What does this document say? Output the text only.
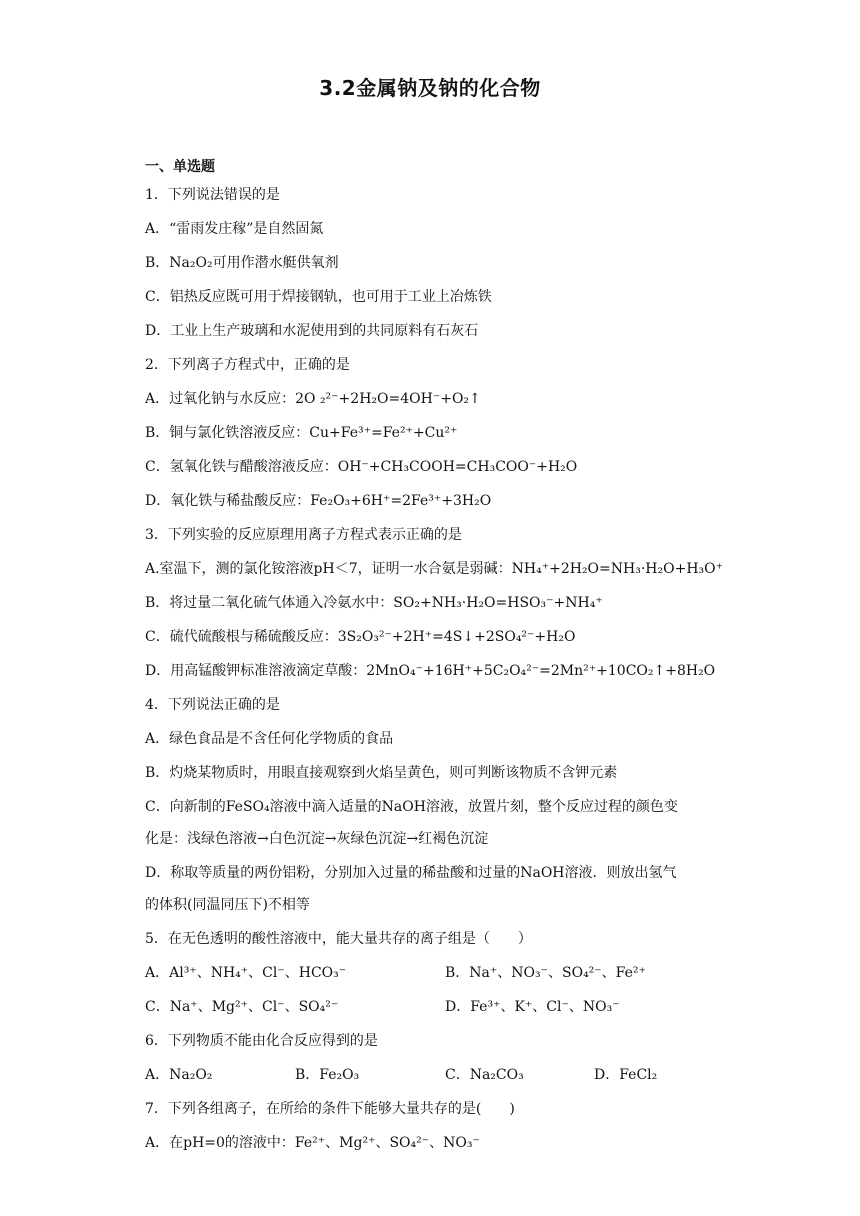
3.2金属钠及钠的化合物
一、单选题
1．下列说法错误的是
A．“雷雨发庄稼”是自然固氮
B．Na₂O₂可用作潜水艇供氧剂
C．铝热反应既可用于焊接钢轨，也可用于工业上冶炼铁
D．工业上生产玻璃和水泥使用到的共同原料有石灰石
2．下列离子方程式中，正确的是
A．过氧化钠与水反应：2O ₂²⁻+2H₂O=4OH⁻+O₂↑
B．铜与氯化铁溶液反应：Cu+Fe³⁺=Fe²⁺+Cu²⁺
C．氢氧化铁与醋酸溶液反应：OH⁻+CH₃COOH=CH₃COO⁻+H₂O
D．氧化铁与稀盐酸反应：Fe₂O₃+6H⁺=2Fe³⁺+3H₂O
3．下列实验的反应原理用离子方程式表示正确的是
A.室温下，测的氯化铵溶液pH＜7，证明一水合氨是弱碱：NH₄⁺+2H₂O=NH₃·H₂O+H₃O⁺
B．将过量二氧化硫气体通入冷氨水中：SO₂+NH₃·H₂O=HSO₃⁻+NH₄⁺
C．硫代硫酸根与稀硫酸反应：3S₂O₃²⁻+2H⁺=4S↓+2SO₄²⁻+H₂O
D．用高锰酸钾标准溶液滴定草酸：2MnO₄⁻+16H⁺+5C₂O₄²⁻=2Mn²⁺+10CO₂↑+8H₂O
4．下列说法正确的是
A．绿色食品是不含任何化学物质的食品
B．灼烧某物质时，用眼直接观察到火焰呈黄色，则可判断该物质不含钾元素
C．向新制的FeSO₄溶液中滴入适量的NaOH溶液，放置片刻，整个反应过程的颜色变
化是：浅绿色溶液→白色沉淀→灰绿色沉淀→红褐色沉淀
D．称取等质量的两份铝粉，分别加入过量的稀盐酸和过量的NaOH溶液．则放出氢气
的体积(同温同压下)不相等
5．在无色透明的酸性溶液中，能大量共存的离子组是（　　）
A．Al³⁺、NH₄⁺、Cl⁻、HCO₃⁻	B．Na⁺、NO₃⁻、SO₄²⁻、Fe²⁺
C．Na⁺、Mg²⁺、Cl⁻、SO₄²⁻	D．Fe³⁺、K⁺、Cl⁻、NO₃⁻
6．下列物质不能由化合反应得到的是
A．Na₂O₂	B．Fe₂O₃	C．Na₂CO₃	D．FeCl₂
7．下列各组离子，在所给的条件下能够大量共存的是(　　)
A．在pH=0的溶液中：Fe²⁺、Mg²⁺、SO₄²⁻、NO₃⁻
